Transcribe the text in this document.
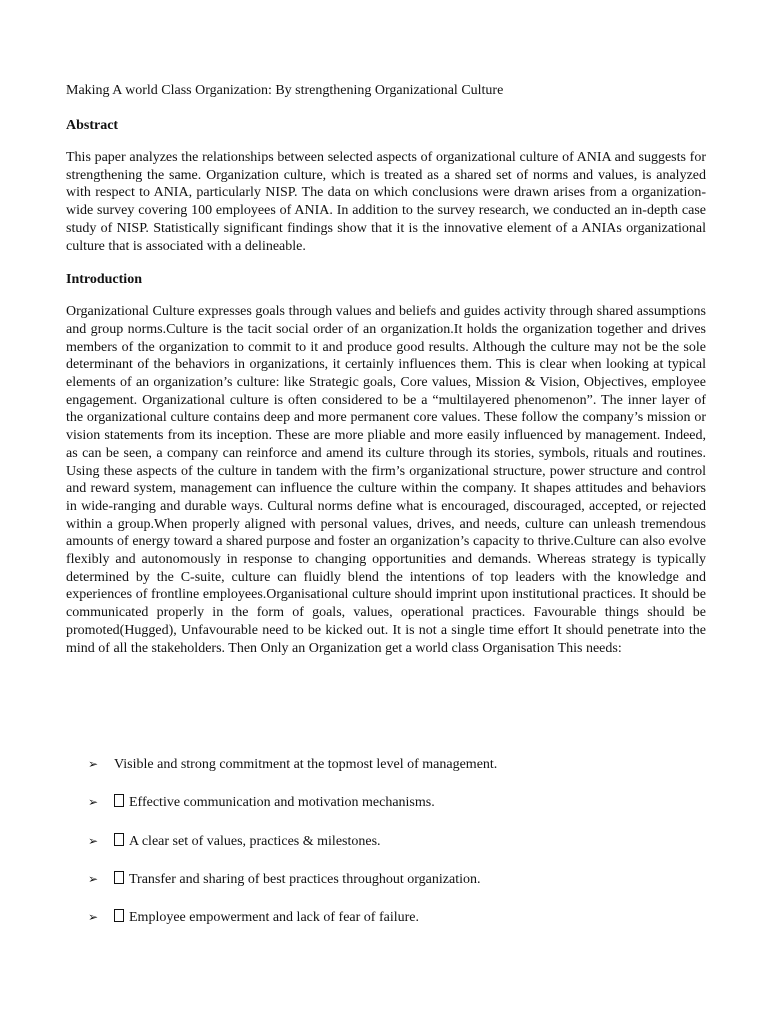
Making A world Class Organization: By strengthening Organizational Culture

Abstract

This paper analyzes the relationships between selected aspects of organizational culture of ANIA and suggests for strengthening the same. Organization culture, which is treated as a shared set of norms and values, is analyzed with respect to ANIA, particularly NISP. The data on which conclusions were drawn arises from a organization-wide survey covering 100 employees of ANIA. In addition to the survey research, we conducted an in-depth case study of NISP. Statistically significant findings show that it is the innovative element of a ANIAs organizational culture that is associated with a delineable.

Introduction

Organizational Culture expresses goals through values and beliefs and guides activity through shared assumptions and group norms.Culture is the tacit social order of an organization.It holds the organization together and drives members of the organization to commit to it and produce good results. Although the culture may not be the sole determinant of the behaviors in organizations, it certainly influences them. This is clear when looking at typical elements of an organization’s culture: like Strategic goals, Core values, Mission & Vision, Objectives, employee engagement. Organizational culture is often considered to be a “multilayered phenomenon”. The inner layer of the organizational culture contains deep and more permanent core values. These follow the company’s mission or vision statements from its inception. These are more pliable and more easily influenced by management. Indeed, as can be seen, a company can reinforce and amend its culture through its stories, symbols, rituals and routines. Using these aspects of the culture in tandem with the firm’s organizational structure, power structure and control and reward system, management can influence the culture within the company. It shapes attitudes and behaviors in wide-ranging and durable ways. Cultural norms define what is encouraged, discouraged, accepted, or rejected within a group.When properly aligned with personal values, drives, and needs, culture can unleash tremendous amounts of energy toward a shared purpose and foster an organization’s capacity to thrive.Culture can also evolve flexibly and autonomously in response to changing opportunities and demands. Whereas strategy is typically determined by the C-suite, culture can fluidly blend the intentions of top leaders with the knowledge and experiences of frontline employees.Organisational culture should imprint upon institutional practices. It should be communicated properly in the form of goals, values, operational practices. Favourable things should be promoted(Hugged), Unfavourable need to be kicked out. It is not a single time effort It should penetrate into the mind of all the stakeholders. Then Only an Organization get a world class Organisation This needs:

➢ Visible and strong commitment at the topmost level of management.
➢ Effective communication and motivation mechanisms.
➢ A clear set of values, practices & milestones.
➢ Transfer and sharing of best practices throughout organization.
➢ Employee empowerment and lack of fear of failure.
